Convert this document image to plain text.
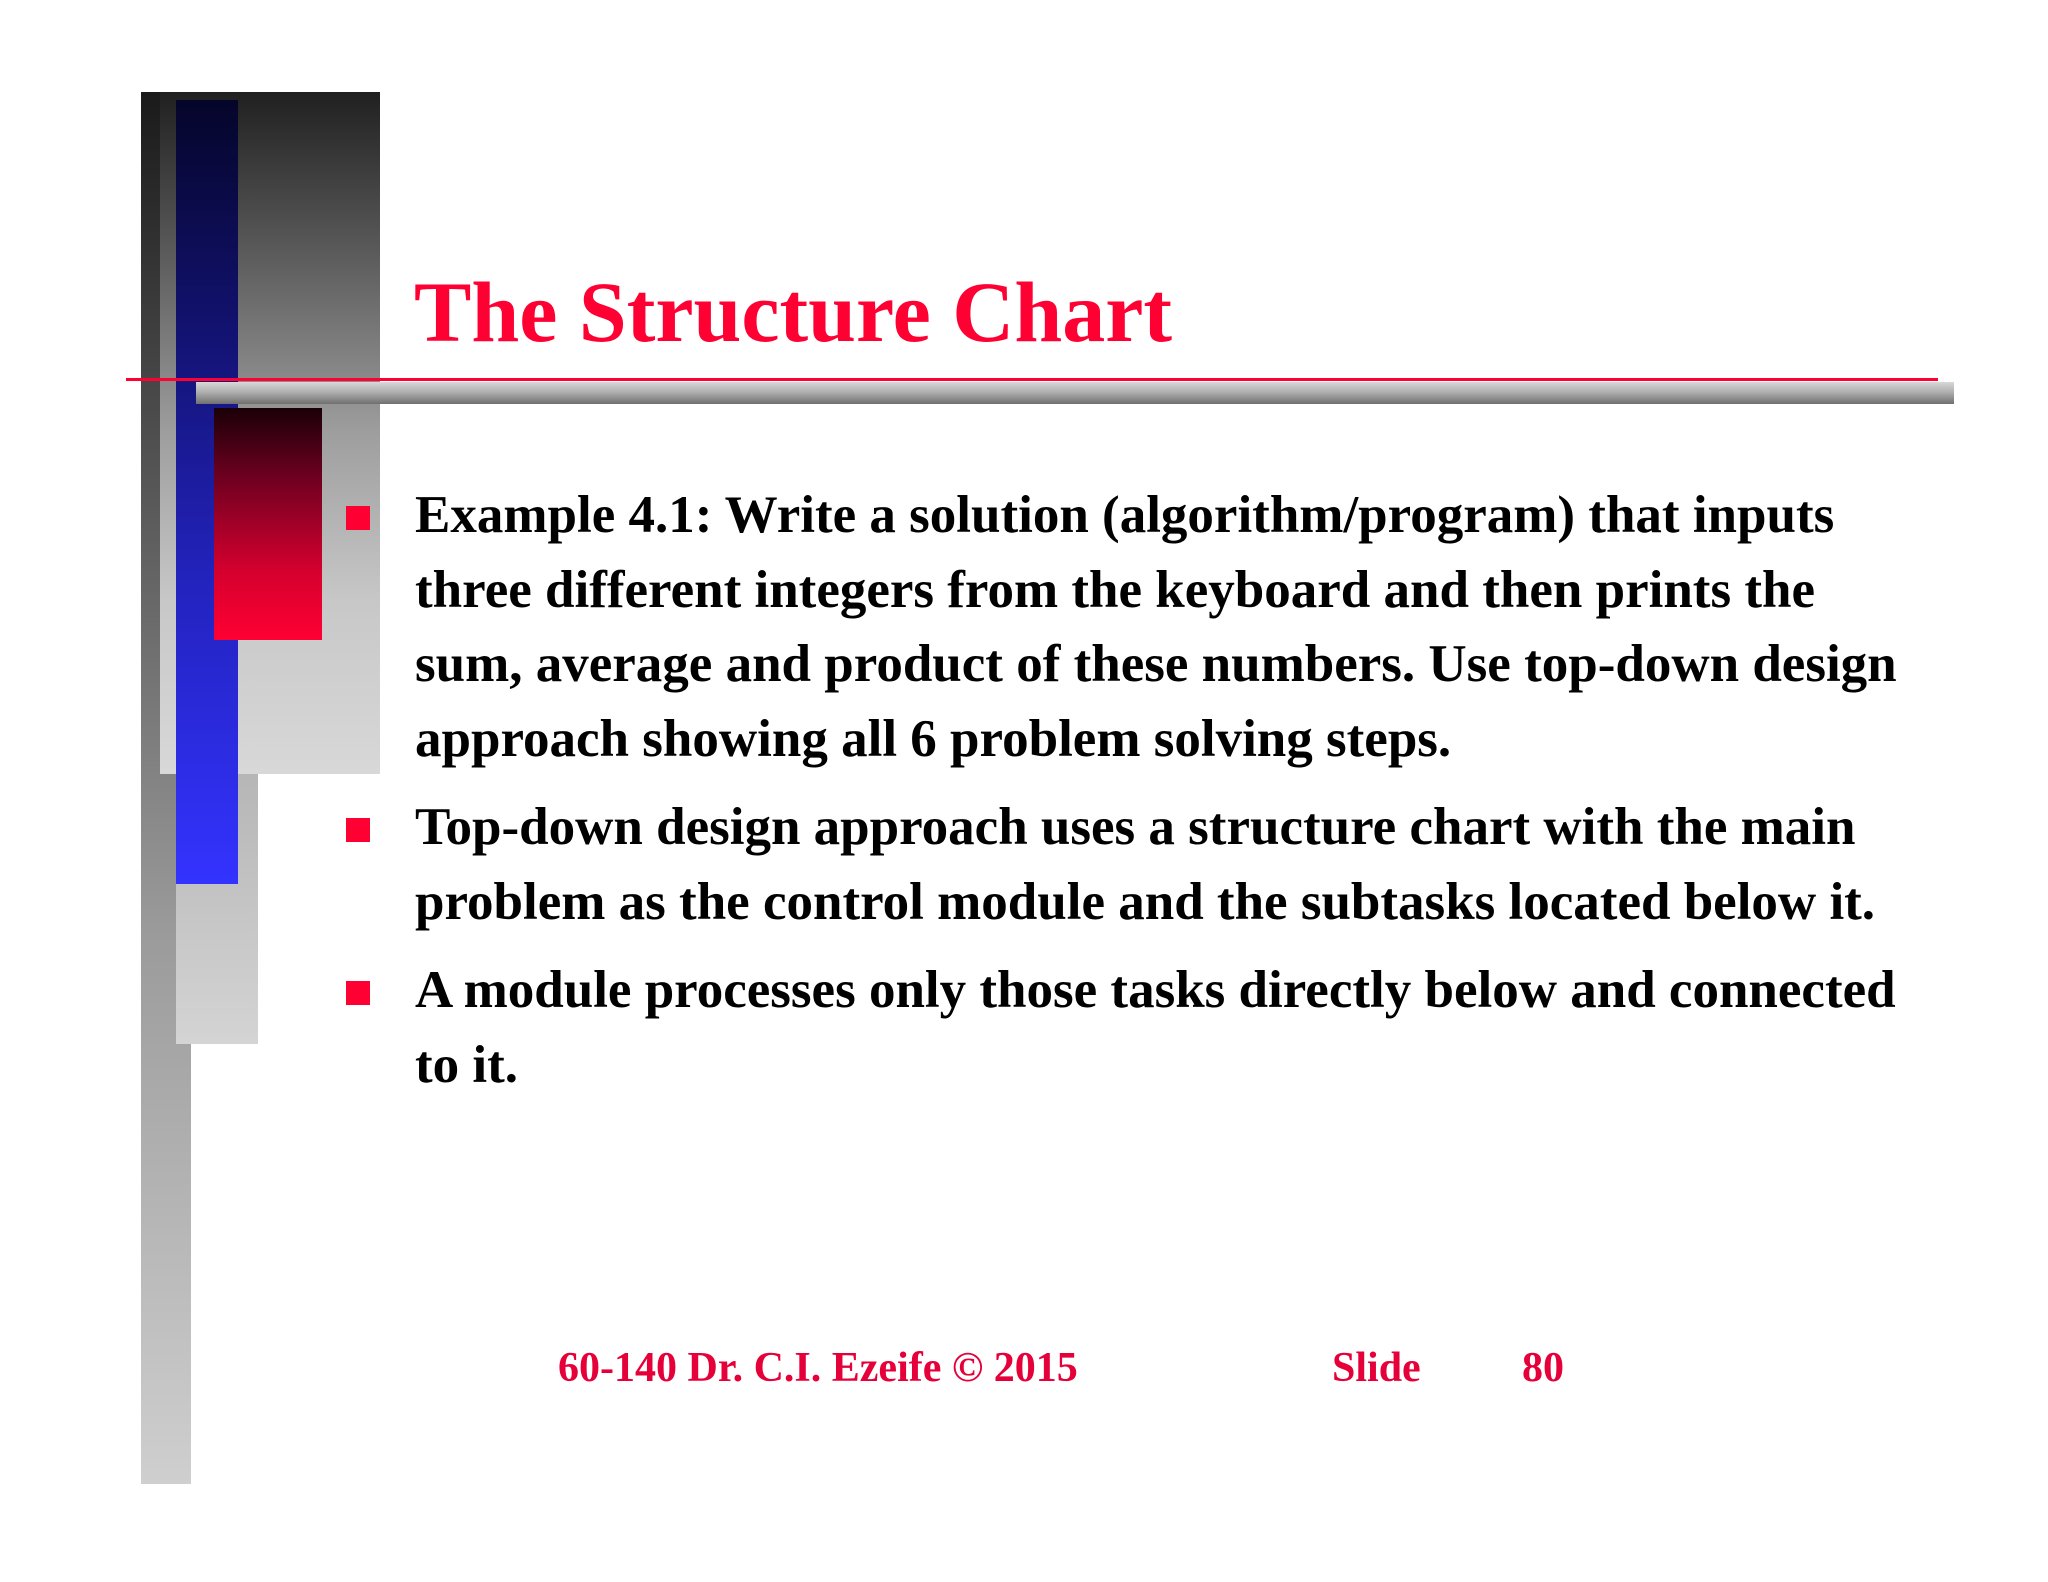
The Structure Chart
Example 4.1: Write a solution (algorithm/program) that inputs three different integers from the keyboard and then prints the sum, average and product of these numbers. Use top-down design approach showing all 6 problem solving steps.
Top-down design approach uses a structure chart with the main problem as the control module and the subtasks located below it.
A module processes only those tasks directly below and connected to it.
60-140 Dr. C.I. Ezeife © 2015	Slide 80
